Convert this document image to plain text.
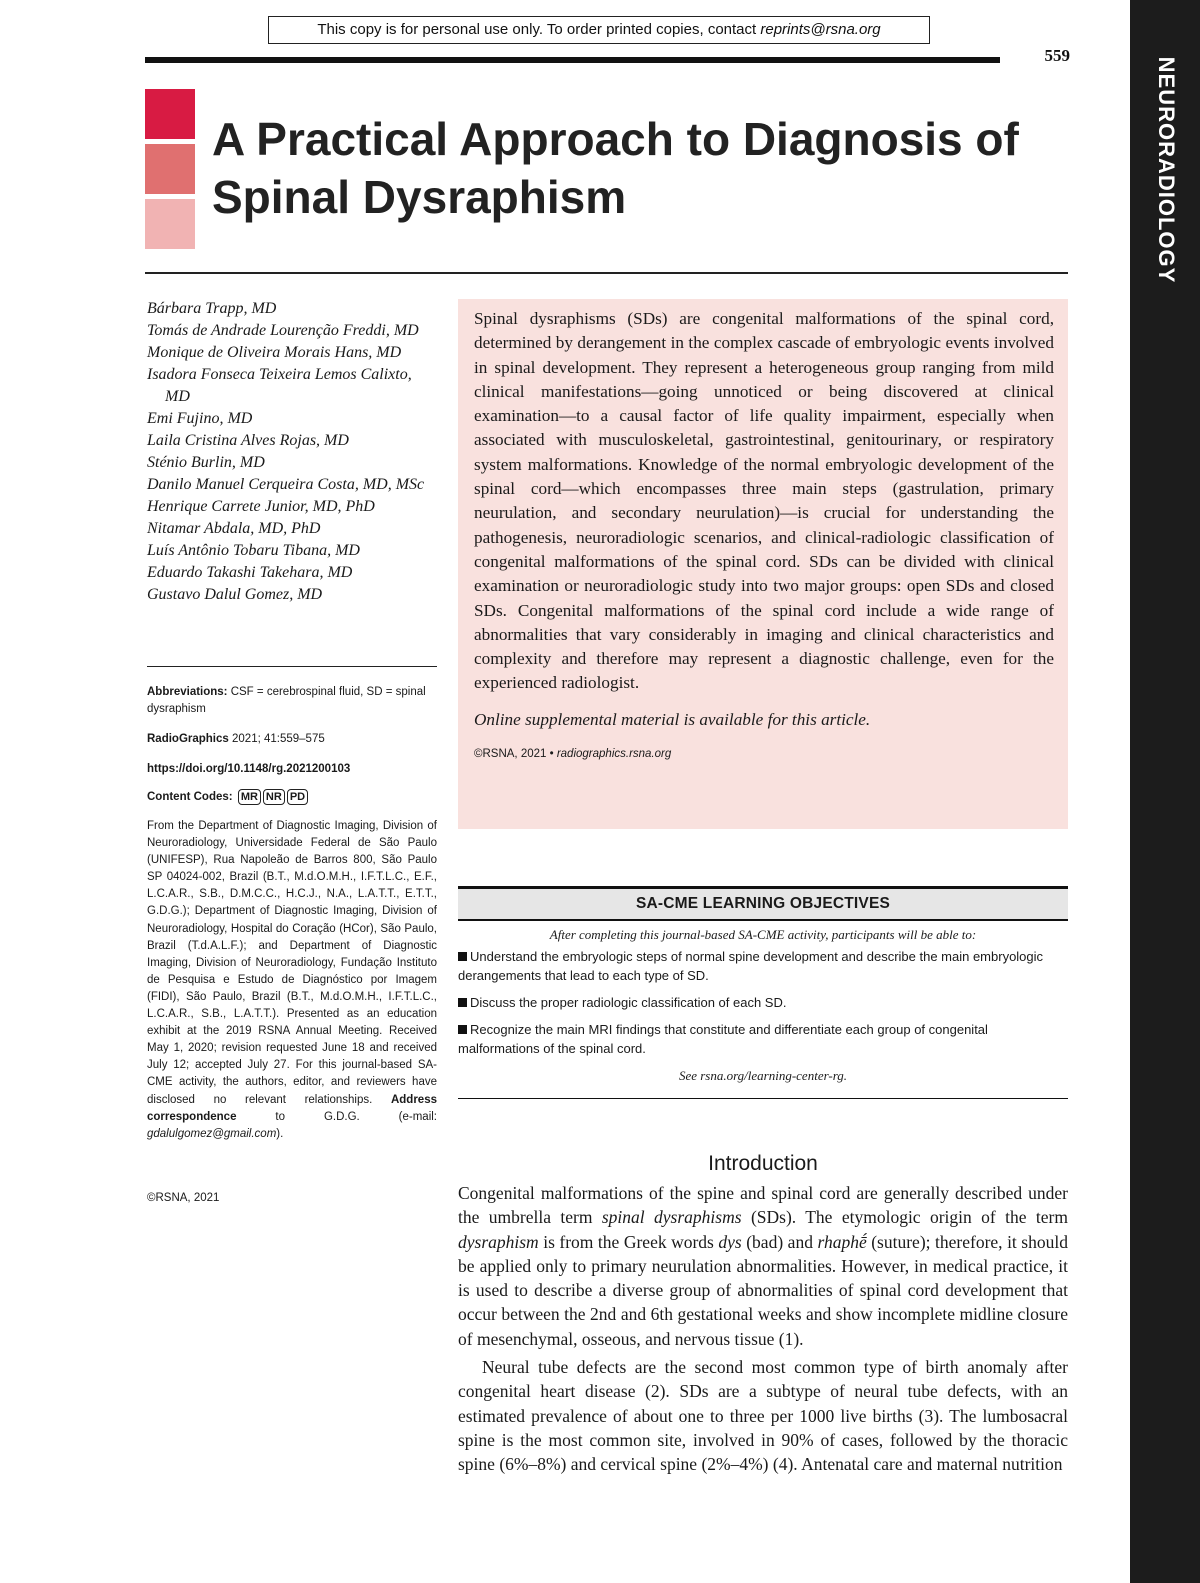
This copy is for personal use only. To order printed copies, contact reprints@rsna.org
559
NEURORADIOLOGY
A Practical Approach to Diagnosis of Spinal Dysraphism
Bárbara Trapp, MD
Tomás de Andrade Lourenção Freddi, MD
Monique de Oliveira Morais Hans, MD
Isadora Fonseca Teixeira Lemos Calixto, MD
Emi Fujino, MD
Laila Cristina Alves Rojas, MD
Sténio Burlin, MD
Danilo Manuel Cerqueira Costa, MD, MSc
Henrique Carrete Junior, MD, PhD
Nitamar Abdala, MD, PhD
Luís Antônio Tobaru Tibana, MD
Eduardo Takashi Takehara, MD
Gustavo Dalul Gomez, MD
Abbreviations: CSF = cerebrospinal fluid, SD = spinal dysraphism
RadioGraphics 2021; 41:559–575
https://doi.org/10.1148/rg.2021200103
Content Codes: MR NR PD
From the Department of Diagnostic Imaging, Division of Neuroradiology, Universidade Federal de São Paulo (UNIFESP), Rua Napoleão de Barros 800, São Paulo SP 04024-002, Brazil (B.T., M.d.O.M.H., I.F.T.L.C., E.F., L.C.A.R., S.B., D.M.C.C., H.C.J., N.A., L.A.T.T., E.T.T., G.D.G.); Department of Diagnostic Imaging, Division of Neuroradiology, Hospital do Coração (HCor), São Paulo, Brazil (T.d.A.L.F.); and Department of Diagnostic Imaging, Division of Neuroradiology, Fundação Instituto de Pesquisa e Estudo de Diagnóstico por Imagem (FIDI), São Paulo, Brazil (B.T., M.d.O.M.H., I.F.T.L.C., L.C.A.R., S.B., L.A.T.T.). Presented as an education exhibit at the 2019 RSNA Annual Meeting. Received May 1, 2020; revision requested June 18 and received July 12; accepted July 27. For this journal-based SA-CME activity, the authors, editor, and reviewers have disclosed no relevant relationships. Address correspondence to G.D.G. (e-mail: gdalulgomez@gmail.com).
©RSNA, 2021

Spinal dysraphisms (SDs) are congenital malformations of the spinal cord, determined by derangement in the complex cascade of embryologic events involved in spinal development. They represent a heterogeneous group ranging from mild clinical manifestations—going unnoticed or being discovered at clinical examination—to a causal factor of life quality impairment, especially when associated with musculoskeletal, gastrointestinal, genitourinary, or respiratory system malformations. Knowledge of the normal embryologic development of the spinal cord—which encompasses three main steps (gastrulation, primary neurulation, and secondary neurulation)—is crucial for understanding the pathogenesis, neuroradiologic scenarios, and clinical-radiologic classification of congenital malformations of the spinal cord. SDs can be divided with clinical examination or neuroradiologic study into two major groups: open SDs and closed SDs. Congenital malformations of the spinal cord include a wide range of abnormalities that vary considerably in imaging and clinical characteristics and complexity and therefore may represent a diagnostic challenge, even for the experienced radiologist.

Online supplemental material is available for this article.

©RSNA, 2021 • radiographics.rsna.org

SA-CME LEARNING OBJECTIVES
After completing this journal-based SA-CME activity, participants will be able to:
Understand the embryologic steps of normal spine development and describe the main embryologic derangements that lead to each type of SD.
Discuss the proper radiologic classification of each SD.
Recognize the main MRI findings that constitute and differentiate each group of congenital malformations of the spinal cord.
See rsna.org/learning-center-rg.
Introduction

Congenital malformations of the spine and spinal cord are generally described under the umbrella term spinal dysraphisms (SDs). The etymologic origin of the term dysraphism is from the Greek words dys (bad) and rhaphḗ (suture); therefore, it should be applied only to primary neurulation abnormalities. However, in medical practice, it is used to describe a diverse group of abnormalities of spinal cord development that occur between the 2nd and 6th gestational weeks and show incomplete midline closure of mesenchymal, osseous, and nervous tissue (1).

Neural tube defects are the second most common type of birth anomaly after congenital heart disease (2). SDs are a subtype of neural tube defects, with an estimated prevalence of about one to three per 1000 live births (3). The lumbosacral spine is the most common site, involved in 90% of cases, followed by the thoracic spine (6%–8%) and cervical spine (2%–4%) (4). Antenatal care and maternal nutrition
